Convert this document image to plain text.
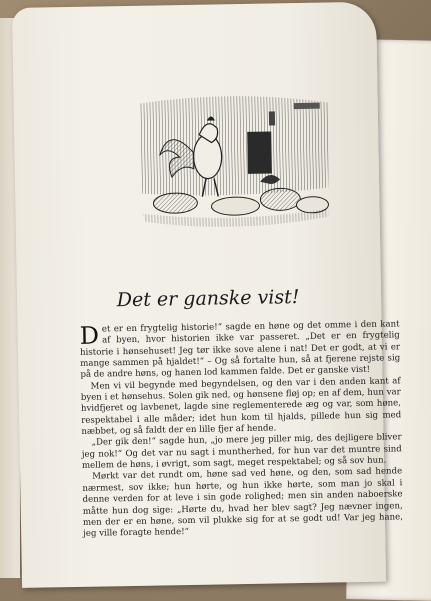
Det er ganske vist!

Det er en frygtelig historie!“ sagde en høne og det omme i den kant af byen, hvor historien ikke var passeret. „Det er en frygtelig historie i hønsehuset! Jeg tør ikke sove alene i nat! Det er godt, at vi er mange sammen på hjaldet!“ – Og så fortalte hun, så at fjerene rejste sig på de andre høns, og hanen lod kammen falde. Det er ganske vist!

Men vi vil begynde med begyndelsen, og den var i den anden kant af byen i et hønsehus. Solen gik ned, og hønsene fløj op; en af dem, hun var hvidfjeret og lavbenet, lagde sine reglementerede æg og var, som høne, respektabel i alle måder; idet hun kom til hjalds, pillede hun sig med næbbet, og så faldt der en lille fjer af hende.

„Der gik den!“ sagde hun, „jo mere jeg piller mig, des dejligere bliver jeg nok!“ Og det var nu sagt i muntherhed, for hun var det muntre sind mellem de høns, i øvrigt, som sagt, meget respektabel; og så sov hun.

Mørkt var det rundt om, høne sad ved høne, og den, som sad hende nærmest, sov ikke; hun hørte, og hun ikke hørte, som man jo skal i denne verden for at leve i sin gode rolighed; men sin anden naboerske måtte hun dog sige: „Hørte du, hvad her blev sagt? Jeg nævner ingen, men der er en høne, som vil plukke sig for at se godt ud! Var jeg hane, jeg ville foragte hende!“
